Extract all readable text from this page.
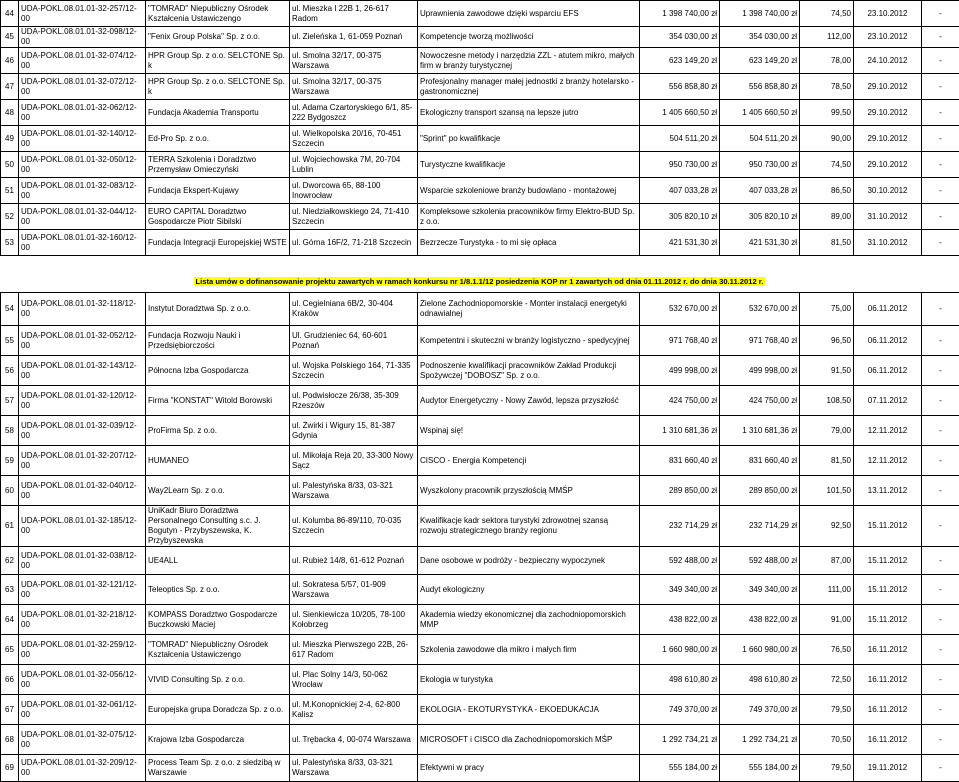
44	UDA-POKL.08.01.01-32-257/12-00	"TOMRAD" Niepubliczny Ośrodek Kształcenia Ustawiczengo	ul. Mieszka I 22B 1, 26-617 Radom	Uprawnienia zawodowe dzięki wsparciu EFS	1 398 740,00 zł	1 398 740,00 zł	74,50	23.10.2012	-
45	UDA-POKL.08.01.01-32-098/12-00	"Fenix Group Polska" Sp. z o.o.	ul. Zieleńska 1, 61-059 Poznań	Kompetencje tworzą możliwości	354 030,00 zł	354 030,00 zł	112,00	23.10.2012	-
46	UDA-POKL.08.01.01-32-074/12-00	HPR Group Sp. z o.o. SELCTONE Sp. k	ul. Smolna 32/17, 00-375 Warszawa	Nowoczesne metody i narzędzia ZZL - atutem mikro, małych firm w branży turystycznej	623 149,20 zł	623 149,20 zł	78,00	24.10.2012	-
47	UDA-POKL.08.01.01-32-072/12-00	HPR Group Sp. z o.o. SELCTONE Sp. k	ul. Smolna 32/17, 00-375 Warszawa	Profesjonalny manager małej jednostki z branży hotelarsko - gastronomicznej	556 858,80 zł	556 858,80 zł	78,50	29.10.2012	-
48	UDA-POKL.08.01.01-32-062/12-00	Fundacja Akademia Transportu	ul. Adama Czartoryskiego 6/1, 85-222 Bydgoszcz	Ekologiczny transport szansą na lepsze jutro	1 405 660,50 zł	1 405 660,50 zł	99,50	29.10.2012	-
49	UDA-POKL.08.01.01-32-140/12-00	Ed-Pro Sp. z o.o.	ul. Wielkopolska 20/16, 70-451 Szczecin	"Sprint" po kwalifikacje	504 511,20 zł	504 511,20 zł	90,00	29.10.2012	-
50	UDA-POKL.08.01.01-32-050/12-00	TERRA Szkolenia i Doradztwo Przemysław Omieczyński	ul. Wojciechowska 7M, 20-704 Lublin	Turystyczne kwalifikacje	950 730,00 zł	950 730,00 zł	74,50	29.10.2012	-
51	UDA-POKL.08.01.01-32-083/12-00	Fundacja Ekspert-Kujawy	ul. Dworcowa 65, 88-100 Inowrocław	Wsparcie szkoleniowe branży budowlano - montażowej	407 033,28 zł	407 033,28 zł	86,50	30.10.2012	-
52	UDA-POKL.08.01.01-32-044/12-00	EURO CAPITAL Doradztwo Gospodarcze Piotr Sibilski	ul. Niedziałkowskiego 24, 71-410 Szczecin	Kompleksowe szkolenia pracowników firmy Elektro-BUD Sp. z o.o.	305 820,10 zł	305 820,10 zł	89,00	31.10.2012	-
53	UDA-POKL.08.01.01-32-160/12-00	Fundacja Integracji Europejskiej WSTE	ul. Górna 16F/2, 71-218 Szczecin	Bezrzecze Turystyka - to mi się opłaca	421 531,30 zł	421 531,30 zł	81,50	31.10.2012	-
Lista umów o dofinansowanie projektu zawartych w ramach konkursu nr 1/8.1.1/12 posiedzenia KOP nr 1 zawartych od dnia 01.11.2012 r. do dnia 30.11.2012 r.
54	UDA-POKL.08.01.01-32-118/12-00	Instytut Doradztwa Sp. z o.o.	ul. Cegielniana 6B/2, 30-404 Kraków	Zielone Zachodniopomorskie - Monter instalacji energetyki odnawialnej	532 670,00 zł	532 670,00 zł	75,00	06.11.2012	-
55	UDA-POKL.08.01.01-32-052/12-00	Fundacja Rozwoju Nauki i Przedsiębiorczości	Ul. Grudzieniec 64, 60-601 Poznań	Kompetentni i skuteczni w branży logistyczno - spedycyjnej	971 768,40 zł	971 768,40 zł	96,50	06.11.2012	-
56	UDA-POKL.08.01.01-32-143/12-00	Północna Izba Gospodarcza	ul. Wojska Polskiego 164, 71-335 Szczecin	Podnoszenie kwalifikacji pracowników Zakład Produkcji Spożywczej "DOBOSZ" Sp. z o.o.	499 998,00 zł	499 998,00 zł	91,50	06.11.2012	-
57	UDA-POKL.08.01.01-32-120/12-00	Firma "KONSTAT" Witold Borowski	ul. Podwisłocze 26/38, 35-309 Rzeszów	Audytor Energetyczny - Nowy Zawód, lepsza przyszłość	424 750,00 zł	424 750,00 zł	108,50	07.11.2012	-
58	UDA-POKL.08.01.01-32-039/12-00	ProFirma Sp. z o.o.	ul. Żwirki i Wigury 15, 81-387 Gdynia	Wspinaj się!	1 310 681,36 zł	1 310 681,36 zł	79,00	12.11.2012	-
59	UDA-POKL.08.01.01-32-207/12-00	HUMANEO	ul. Mikołaja Reja 20, 33-300 Nowy Sącz	CISCO - Energia Kompetencji	831 660,40 zł	831 660,40 zł	81,50	12.11.2012	-
60	UDA-POKL.08.01.01-32-040/12-00	Way2Learn Sp. z o.o.	ul. Palestyńska 8/33, 03-321 Warszawa	Wyszkolony pracownik przyszłością MMŚP	289 850,00 zł	289 850,00 zł	101,50	13.11.2012	-
61	UDA-POKL.08.01.01-32-185/12-00	UniKadr Biuro Doradztwa Personalnego Consulting s.c. J. Bogutyn - Przybyszewska, K. Przybyszewska	ul. Kolumba 86-89/110, 70-035 Szczecin	Kwalifikacje kadr sektora turystyki zdrowotnej szansą rozwoju strategicznego branży regionu	232 714,29 zł	232 714,29 zł	92,50	15.11.2012	-
62	UDA-POKL.08.01.01-32-038/12-00	UE4ALL	ul. Rubież 14/8, 61-612 Poznań	Dane osobowe w podróży - bezpieczny wypoczynek	592 488,00 zł	592 488,00 zł	87,00	15.11.2012	-
63	UDA-POKL.08.01.01-32-121/12-00	Teleoptics Sp. z o.o.	ul. Sokratesa 5/57, 01-909 Warszawa	Audyt ekologiczny	349 340,00 zł	349 340,00 zł	111,00	15.11.2012	-
64	UDA-POKL.08.01.01-32-218/12-00	KOMPASS Doradztwo Gospodarcze Buczkowski Maciej	ul. Sienkiewicza 10/205, 78-100 Kołobrzeg	Akademia wiedzy ekonomicznej dla zachodniopomorskich MMP	438 822,00 zł	438 822,00 zł	91,00	15.11.2012	-
65	UDA-POKL.08.01.01-32-259/12-00	"TOMRAD" Niepubliczny Ośrodek Kształcenia Ustawiczengo	ul. Mieszka Pierwszego 22B, 26-617 Radom	Szkolenia zawodowe dla mikro i małych firm	1 660 980,00 zł	1 660 980,00 zł	76,50	16.11.2012	-
66	UDA-POKL.08.01.01-32-056/12-00	VIVID Consulting Sp. z o.o.	ul. Plac Solny 14/3, 50-062 Wrocław	Ekologia w turystyka	498 610,80 zł	498 610,80 zł	72,50	16.11.2012	-
67	UDA-POKL.08.01.01-32-061/12-00	Europejska grupa Doradcza Sp. z o.o.	ul. M.Konopnickiej 2-4, 62-800 Kalisz	EKOLOGIA - EKOTURYSTYKA - EKOEDUKACJA	749 370,00 zł	749 370,00 zł	79,50	16.11.2012	-
68	UDA-POKL.08.01.01-32-075/12-00	Krajowa Izba Gospodarcza	ul. Trębacka 4, 00-074 Warszawa	MICROSOFT i CISCO dla Zachodniopomorskich MŚP	1 292 734,21 zł	1 292 734,21 zł	70,50	16.11.2012	-
69	UDA-POKL.08.01.01-32-209/12-00	Process Team Sp. z o.o. z siedzibą w Warszawie	ul. Palestyńska 8/33, 03-321 Warszawa	Efektywni w pracy	555 184,00 zł	555 184,00 zł	79,50	19.11.2012	-
